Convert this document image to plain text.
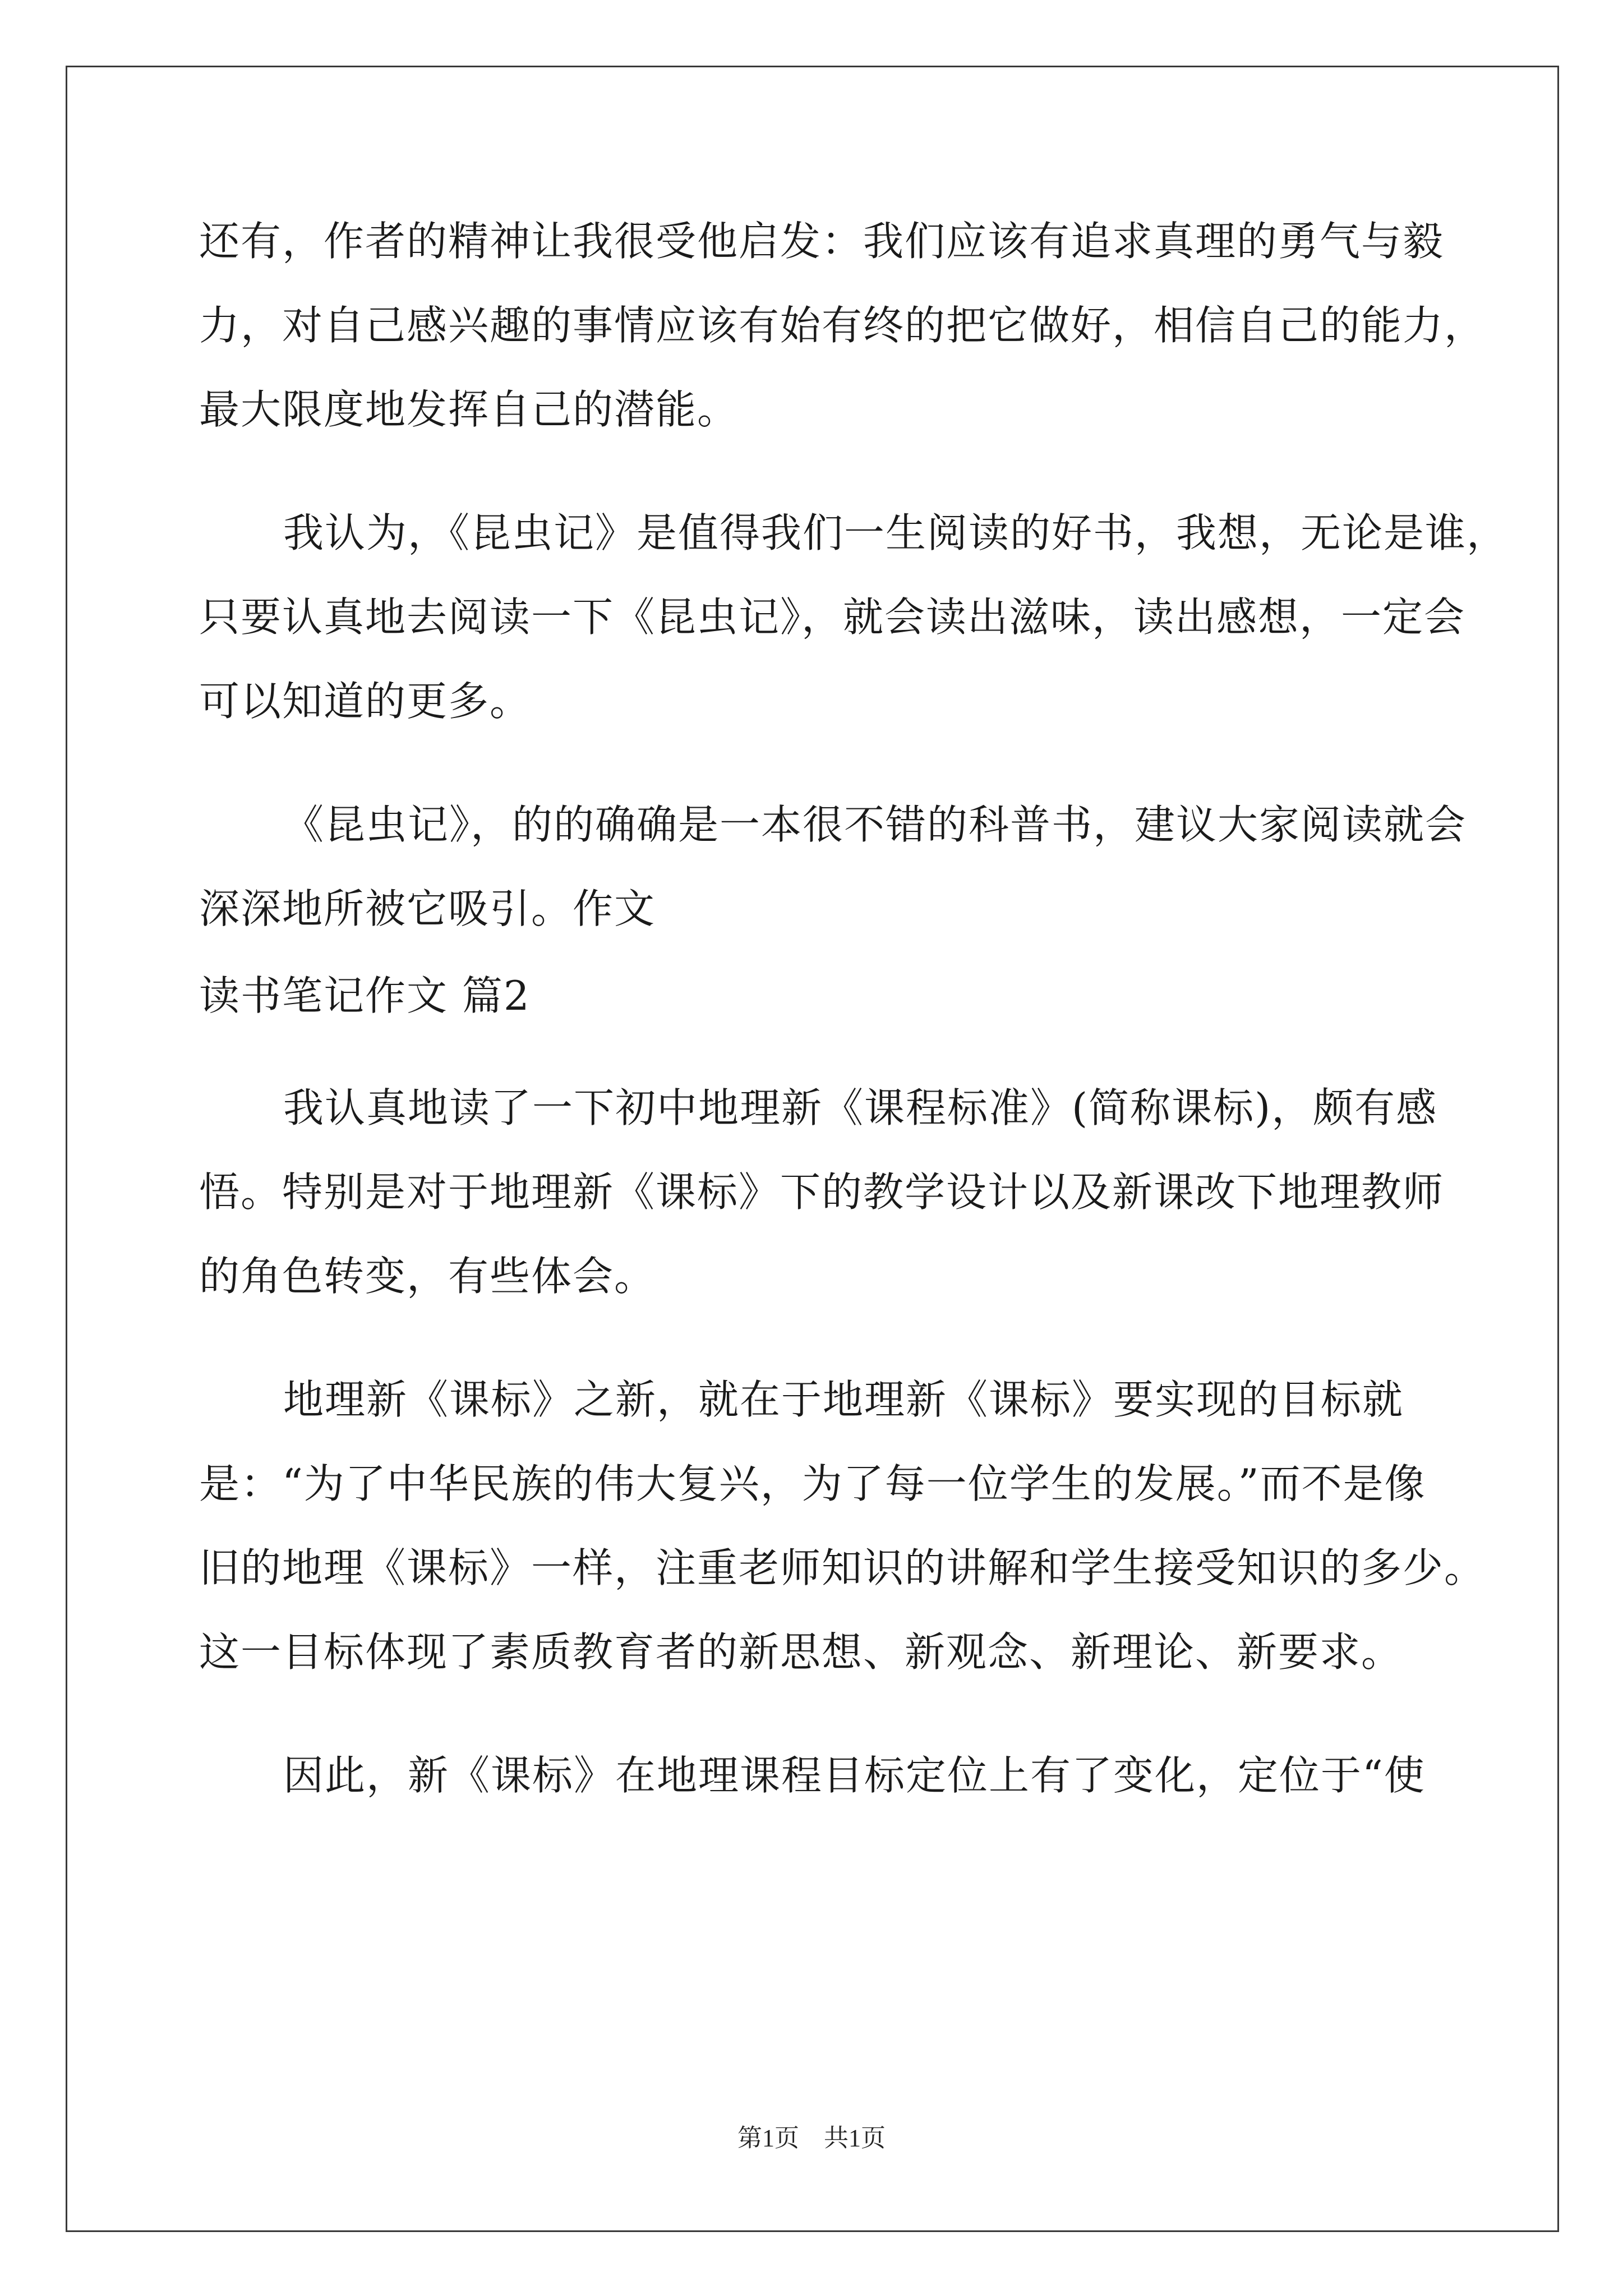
还有，作者的精神让我很受他启发：我们应该有追求真理的勇气与毅
力，对自己感兴趣的事情应该有始有终的把它做好，相信自己的能力，
最大限度地发挥自己的潜能。
我认为，《昆虫记》是值得我们一生阅读的好书，我想，无论是谁，
只要认真地去阅读一下《昆虫记》，就会读出滋味，读出感想，一定会
可以知道的更多。
《昆虫记》，的的确确是一本很不错的科普书，建议大家阅读就会
深深地所被它吸引。作文
读书笔记作文 篇2
我认真地读了一下初中地理新《课程标准》(简称课标)，颇有感
悟。特别是对于地理新《课标》下的教学设计以及新课改下地理教师
的角色转变，有些体会。
地理新《课标》之新，就在于地理新《课标》要实现的目标就
是：“为了中华民族的伟大复兴，为了每一位学生的发展。”而不是像
旧的地理《课标》一样，注重老师知识的讲解和学生接受知识的多少。
这一目标体现了素质教育者的新思想、新观念、新理论、新要求。
因此，新《课标》在地理课程目标定位上有了变化，定位于“使
第1页　共1页
